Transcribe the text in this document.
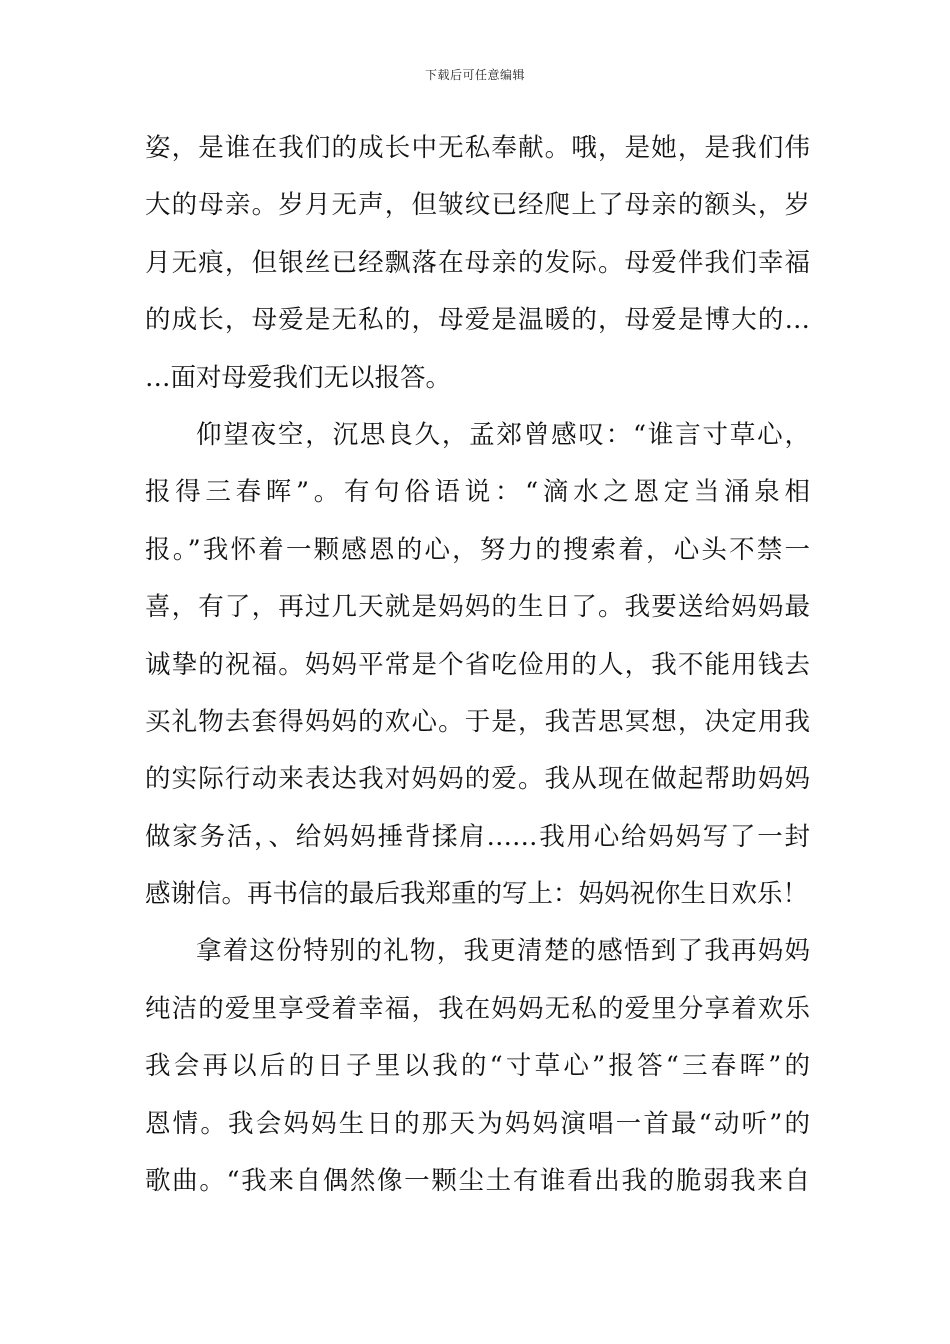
下载后可任意编辑
姿，是谁在我们的成长中无私奉献。哦，是她，是我们伟
大的母亲。岁月无声，但皱纹已经爬上了母亲的额头，岁
月无痕，但银丝已经飘落在母亲的发际。母爱伴我们幸福
的成长，母爱是无私的，母爱是温暖的，母爱是博大的…
…面对母爱我们无以报答。
仰望夜空，沉思良久，孟郊曾感叹：“谁言寸草心，
报得三春晖”。有句俗语说：“滴水之恩定当涌泉相
报。”我怀着一颗感恩的心，努力的搜索着，心头不禁一
喜，有了，再过几天就是妈妈的生日了。我要送给妈妈最
诚挚的祝福。妈妈平常是个省吃俭用的人，我不能用钱去
买礼物去套得妈妈的欢心。于是，我苦思冥想，决定用我
的实际行动来表达我对妈妈的爱。我从现在做起帮助妈妈
做家务活，、给妈妈捶背揉肩……我用心给妈妈写了一封
感谢信。再书信的最后我郑重的写上：妈妈祝你生日欢乐！
拿着这份特别的礼物，我更清楚的感悟到了我再妈妈
纯洁的爱里享受着幸福，我在妈妈无私的爱里分享着欢乐
我会再以后的日子里以我的“寸草心”报答“三春晖”的
恩情。我会妈妈生日的那天为妈妈演唱一首最“动听”的
歌曲。“我来自偶然像一颗尘土有谁看出我的脆弱我来自
